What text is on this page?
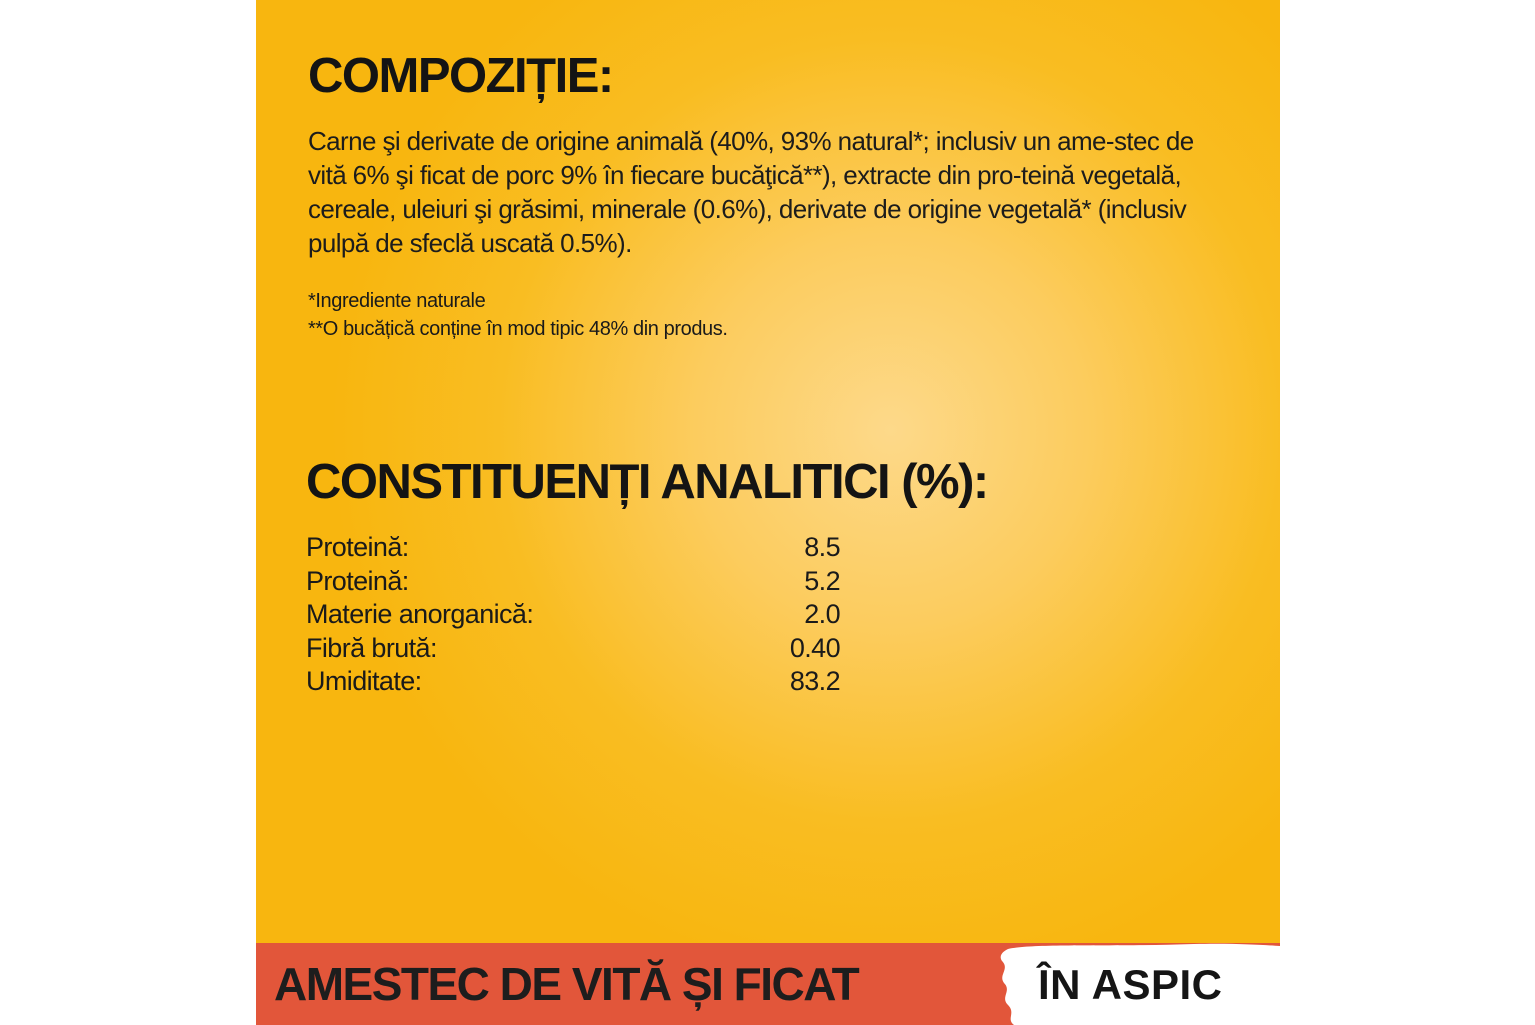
COMPOZIȚIE:

Carne şi derivate de origine animală (40%, 93% natural*; inclusiv un ame-stec de vită 6% şi ficat de porc 9% în fiecare bucăţică**), extracte din pro-teină vegetală, cereale, uleiuri şi grăsimi, minerale (0.6%), derivate de origine vegetală* (inclusiv pulpă de sfeclă uscată 0.5%).

*Ingrediente naturale
**O bucățică conține în mod tipic 48% din produs.
CONSTITUENȚI ANALITICI (%):
Proteină:	8.5
Proteină:	5.2
Materie anorganică:	2.0
Fibră brută:	0.40
Umiditate:	83.2
AMESTEC DE VITĂ ȘI FICAT	ÎN ASPIC
